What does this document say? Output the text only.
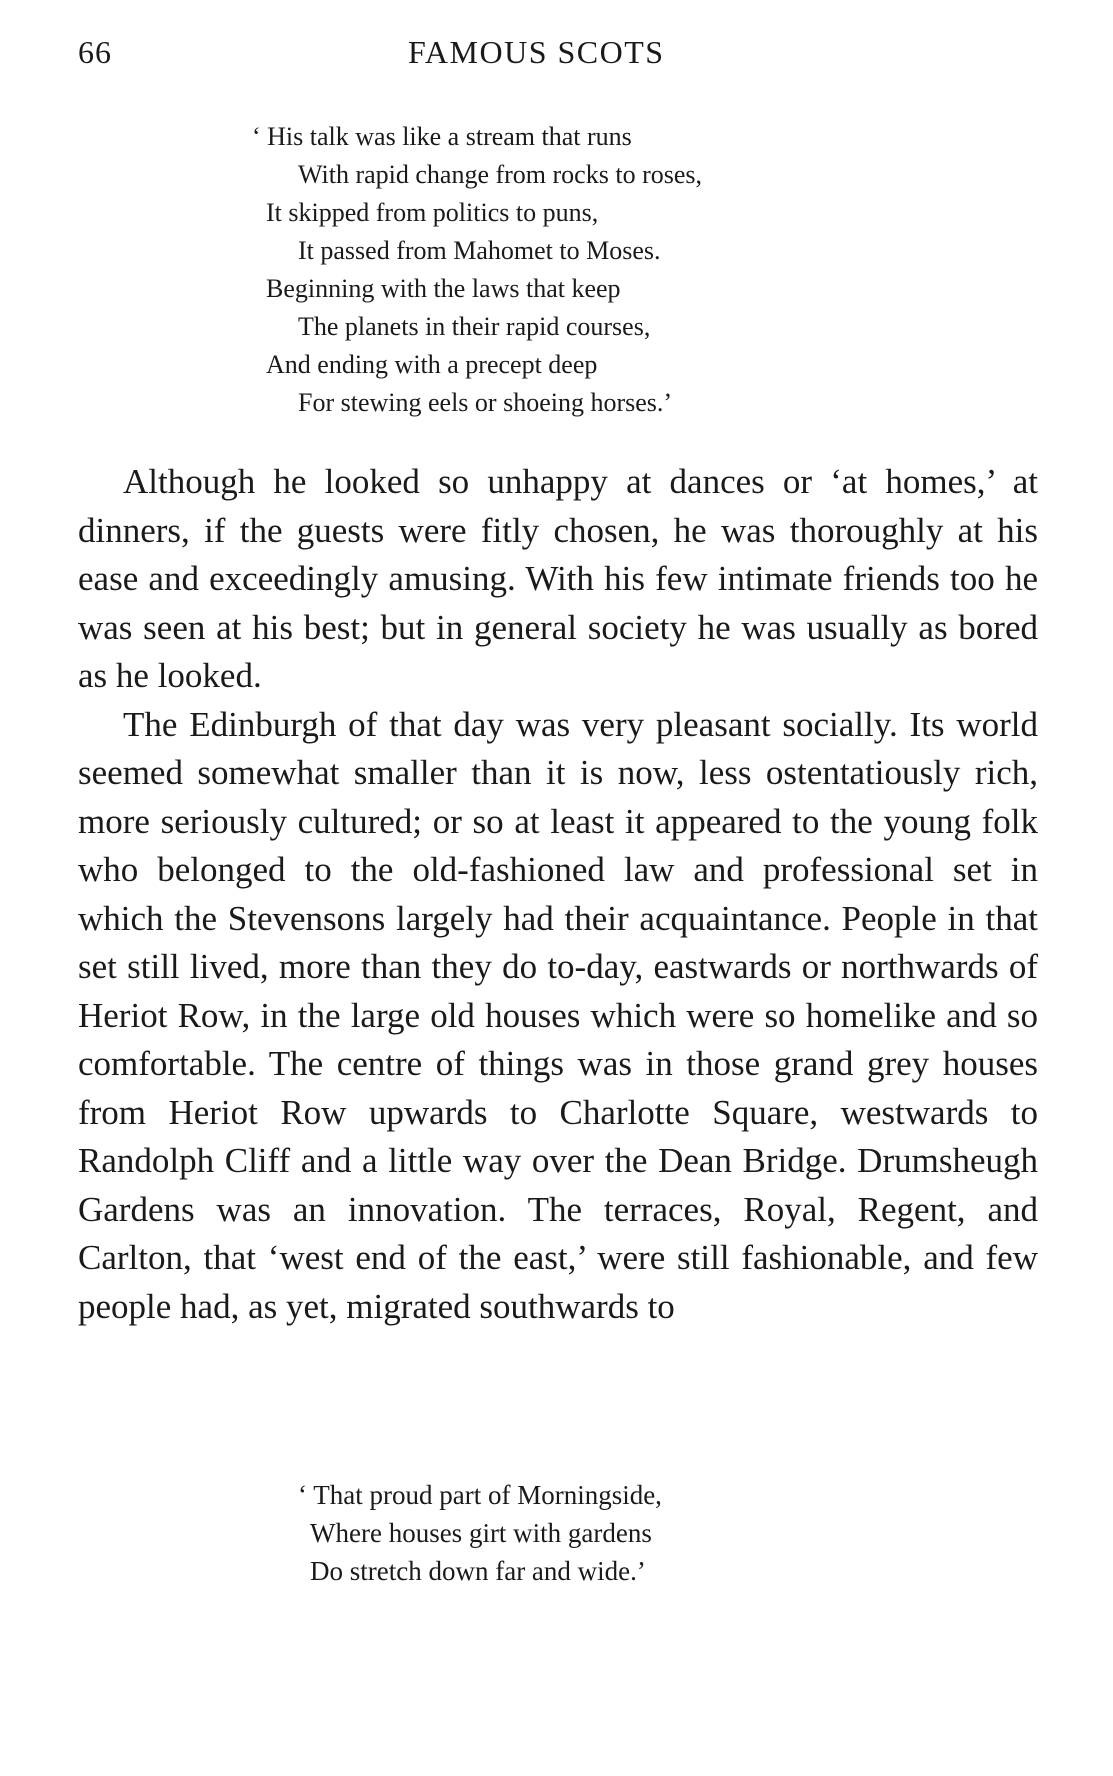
66	FAMOUS SCOTS
‘ His talk was like a stream that runs
With rapid change from rocks to roses,
It skipped from politics to puns,
It passed from Mahomet to Moses.
Beginning with the laws that keep
The planets in their rapid courses,
And ending with a precept deep
For stewing eels or shoeing horses.’

Although he looked so unhappy at dances or ‘at homes,’ at dinners, if the guests were fitly chosen, he was thoroughly at his ease and exceedingly amusing. With his few intimate friends too he was seen at his best; but in general society he was usually as bored as he looked.

The Edinburgh of that day was very pleasant socially. Its world seemed somewhat smaller than it is now, less ostentatiously rich, more seriously cultured; or so at least it appeared to the young folk who belonged to the old-fashioned law and professional set in which the Stevensons largely had their acquaintance. People in that set still lived, more than they do to-day, eastwards or northwards of Heriot Row, in the large old houses which were so homelike and so comfortable. The centre of things was in those grand grey houses from Heriot Row upwards to Charlotte Square, westwards to Randolph Cliff and a little way over the Dean Bridge. Drumsheugh Gardens was an innovation. The terraces, Royal, Regent, and Carlton, that ‘west end of the east,’ were still fashionable, and few people had, as yet, migrated southwards to

‘ That proud part of Morningside,
Where houses girt with gardens
Do stretch down far and wide.’
